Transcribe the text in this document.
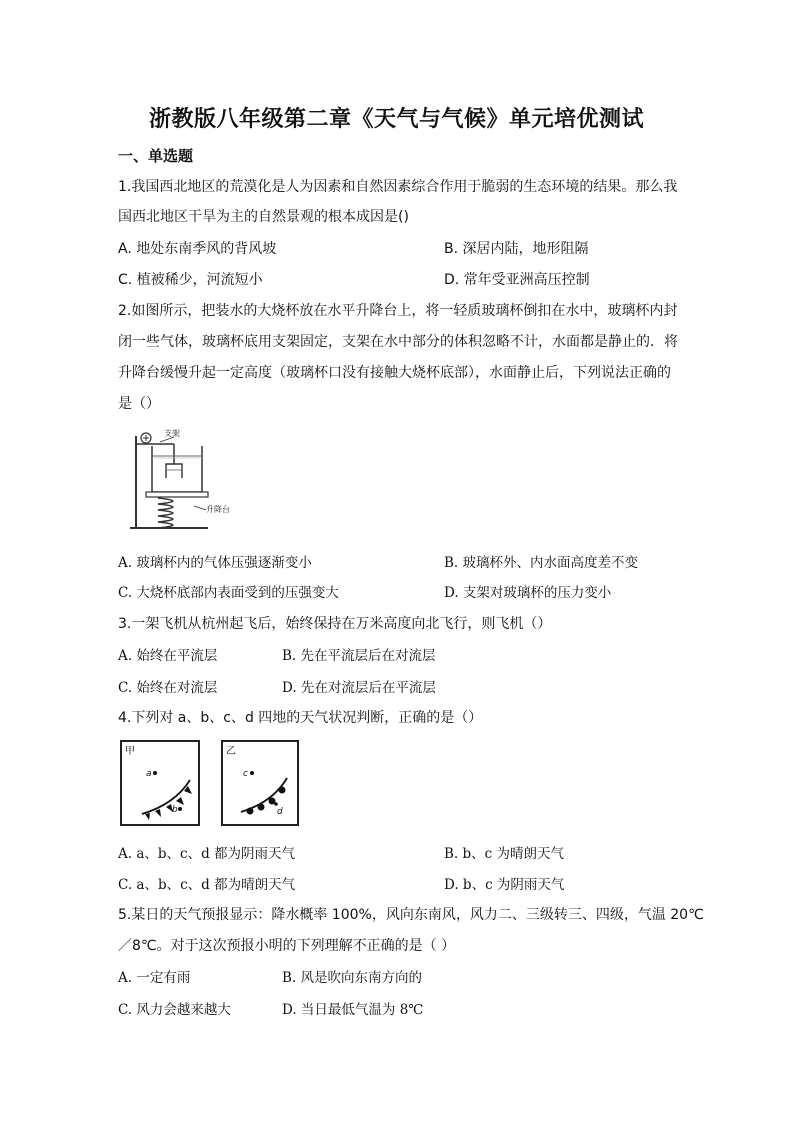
浙教版八年级第二章《天气与气候》单元培优测试
一、单选题
1.我国西北地区的荒漠化是人为因素和自然因素综合作用于脆弱的生态环境的结果。那么我
国西北地区干旱为主的自然景观的根本成因是()
A. 地处东南季风的背风坡	B. 深居内陆，地形阻隔
C. 植被稀少，河流短小	D. 常年受亚洲高压控制
2.如图所示，把装水的大烧杯放在水平升降台上，将一轻质玻璃杯倒扣在水中，玻璃杯内封
闭一些气体，玻璃杯底用支架固定，支架在水中部分的体积忽略不计，水面都是静止的．将
升降台缓慢升起一定高度（玻璃杯口没有接触大烧杯底部），水面静止后，下列说法正确的
是（）
支架
升降台
A. 玻璃杯内的气体压强逐渐变小	B. 玻璃杯外、内水面高度差不变
C. 大烧杯底部内表面受到的压强变大	D. 支架对玻璃杯的压力变小
3.一架飞机从杭州起飞后，始终保持在万米高度向北飞行，则飞机（）
A. 始终在平流层	B. 先在平流层后在对流层
C. 始终在对流层	D. 先在对流层后在平流层
4.下列对 a、b、c、d 四地的天气状况判断，正确的是（）
甲
a
b
乙
c
d
A. a、b、c、d 都为阴雨天气	B. b、c 为晴朗天气
C. a、b、c、d 都为晴朗天气	D. b、c 为阴雨天气
5.某日的天气预报显示：降水概率 100%，风向东南风，风力二、三级转三、四级，气温 20℃
／8℃。对于这次预报小明的下列理解不正确的是（ ）
A. 一定有雨	B. 风是吹向东南方向的
C. 风力会越来越大	D. 当日最低气温为 8℃
